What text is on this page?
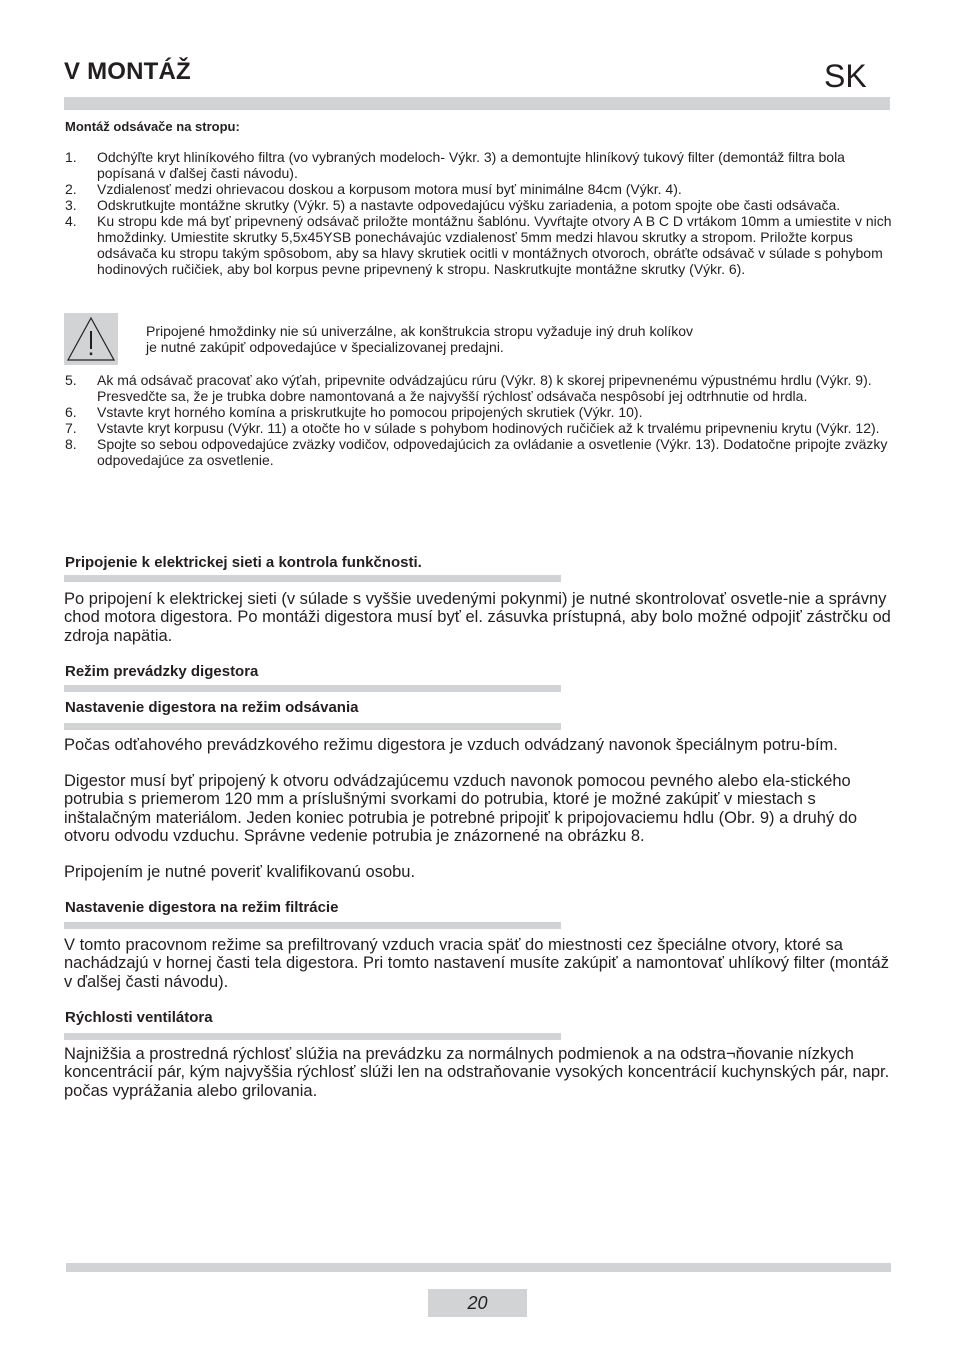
V MONTÁŽ	SK
Montáž odsávače na stropu:
1. Odchýľte kryt hliníkového filtra (vo vybraných modeloch- Výkr. 3) a demontujte hliníkový tukový filter (demontáž filtra bola popísaná v ďalšej časti návodu).
2. Vzdialenosť medzi ohrievacou doskou a korpusom motora musí byť minimálne 84cm (Výkr. 4).
3. Odskrutkujte montážne skrutky (Výkr. 5) a nastavte odpovedajúcu výšku zariadenia, a potom spojte obe časti odsávača.
4. Ku stropu kde má byť pripevnený odsávač priložte montážnu šablónu. Vyvŕtajte otvory A B C D vrtákom 10mm a umiestite v nich hmoždinky. Umiestite skrutky 5,5x45YSB ponechávajúc vzdialenosť 5mm medzi hlavou skrutky a stropom. Priložte korpus odsávača ku stropu takým spôsobom, aby sa hlavy skrutiek ocitli v montážnych otvoroch, obráťte odsávač v súlade s pohybom hodinových ručičiek, aby bol korpus pevne pripevnený k stropu. Naskrutkujte montážne skrutky (Výkr. 6).
Pripojené hmoždinky nie sú univerzálne, ak konštrukcia stropu vyžaduje iný druh kolíkov
je nutné zakúpiť odpovedajúce v špecializovanej predajni.
5. Ak má odsávač pracovať ako výťah, pripevnite odvádzajúcu rúru (Výkr. 8) k skorej pripevnenému výpustnému hrdlu (Výkr. 9). Presvedčte sa, že je trubka dobre namontovaná a že najvyšší rýchlosť odsávača nespôsobí jej odtrhnutie od hrdla.
6. Vstavte kryt horného komína a priskrutkujte ho pomocou pripojených skrutiek (Výkr. 10).
7. Vstavte kryt korpusu (Výkr. 11) a otočte ho v súlade s pohybom hodinových ručičiek až k trvalému pripevneniu krytu (Výkr. 12).
8. Spojte so sebou odpovedajúce zväzky vodičov, odpovedajúcich za ovládanie a osvetlenie (Výkr. 13). Dodatočne pripojte zväzky odpovedajúce za osvetlenie.
Pripojenie k elektrickej sieti a kontrola funkčnosti.
Po pripojení k elektrickej sieti (v súlade s vyššie uvedenými pokynmi) je nutné skontrolovať osvetle-nie a správny chod motora digestora. Po montáži digestora musí byť el. zásuvka prístupná, aby bolo možné odpojiť zástrčku od zdroja napätia.
Režim prevádzky digestora
Nastavenie digestora na režim odsávania
Počas odťahového prevádzkového režimu digestora je vzduch odvádzaný navonok špeciálnym potru-bím.
Digestor musí byť pripojený k otvoru odvádzajúcemu vzduch navonok pomocou pevného alebo ela-stického potrubia s priemerom 120 mm a príslušnými svorkami do potrubia, ktoré je možné zakúpiť v miestach s inštalačným materiálom. Jeden koniec potrubia je potrebné pripojiť k pripojovaciemu hdlu (Obr. 9) a druhý do otvoru odvodu vzduchu. Správne vedenie potrubia je znázornené na obrázku 8.
Pripojením je nutné poveriť kvalifikovanú osobu.
Nastavenie digestora na režim filtrácie
V tomto pracovnom režime sa prefiltrovaný vzduch vracia späť do miestnosti cez špeciálne otvory, ktoré sa nachádzajú v hornej časti tela digestora. Pri tomto nastavení musíte zakúpiť a namontovať uhlíkový filter (montáž v ďalšej časti návodu).
Rýchlosti ventilátora
Najnižšia a prostredná rýchlosť slúžia na prevádzku za normálnych podmienok a na odstra¬ňovanie nízkych koncentrácií pár, kým najvyššia rýchlosť slúži len na odstraňovanie vysokých koncentrácií kuchynských pár, napr. počas vyprážania alebo grilovania.
20
